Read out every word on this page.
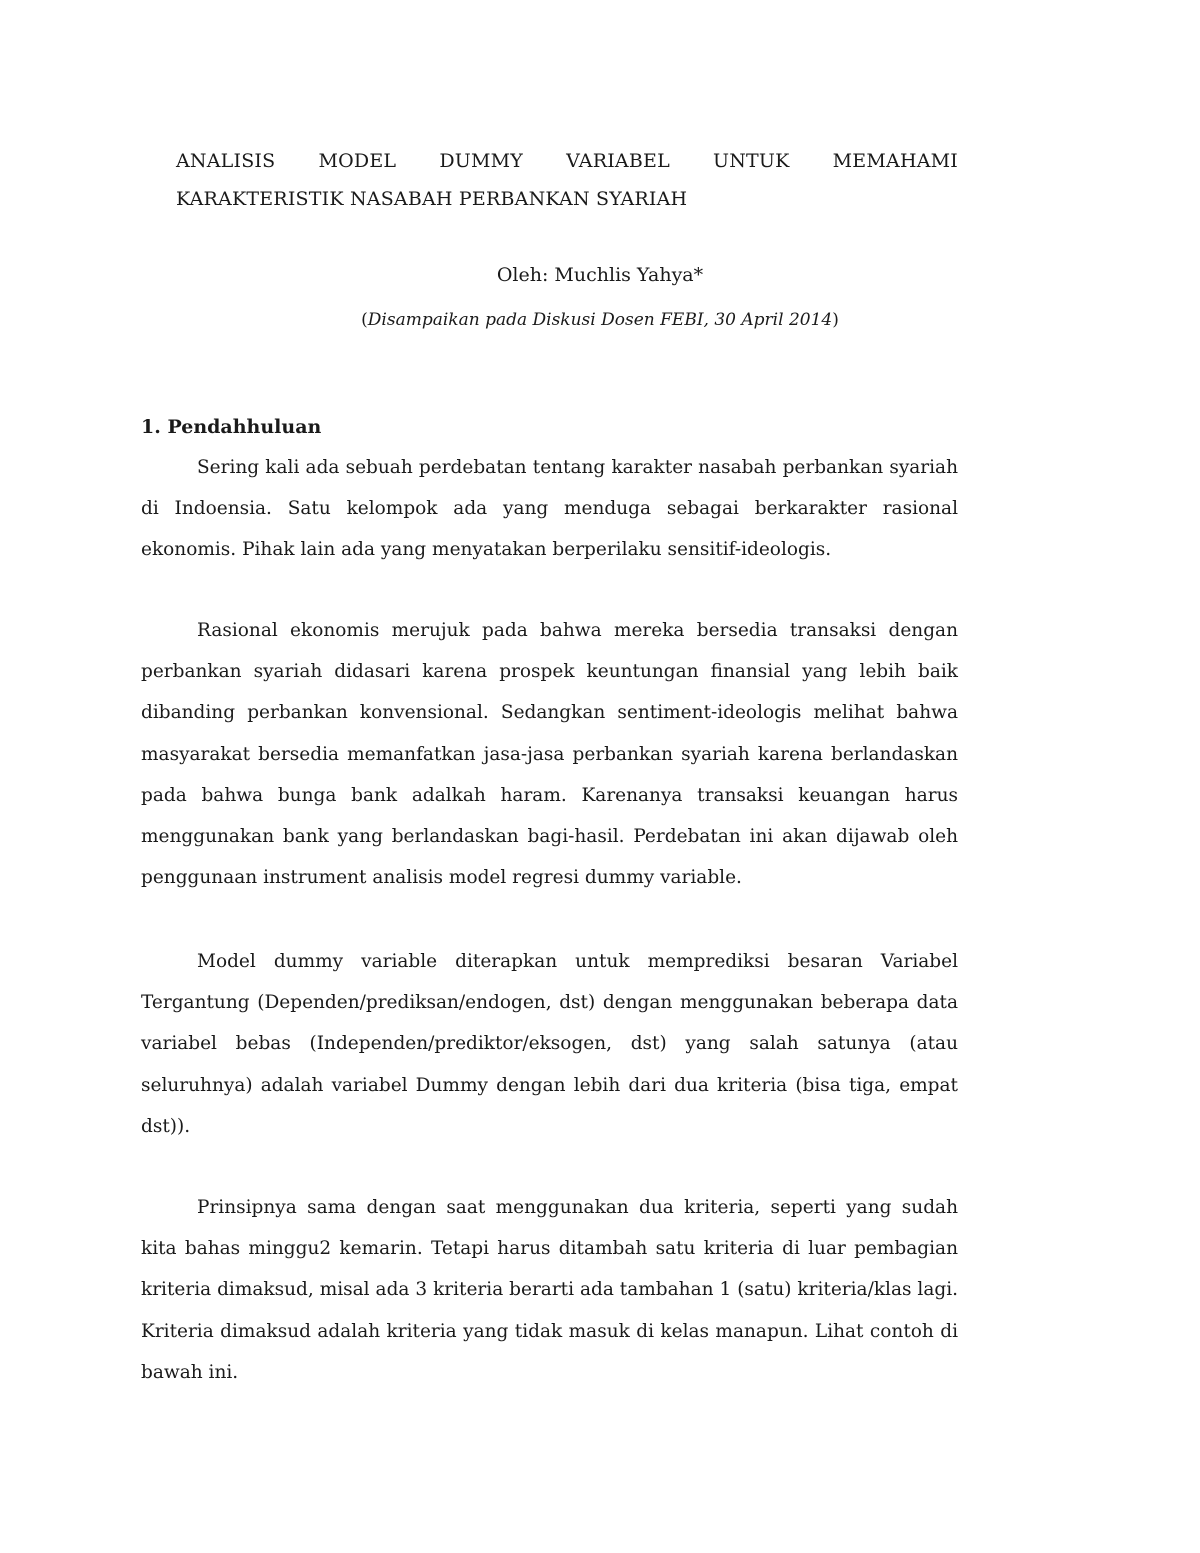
ANALISIS MODEL DUMMY VARIABEL UNTUK MEMAHAMI
KARAKTERISTIK NASABAH PERBANKAN SYARIAH

Oleh: Muchlis Yahya*

(Disampaikan pada Diskusi Dosen FEBI, 30 April 2014)

1. Pendahhuluan

Sering kali ada sebuah perdebatan tentang karakter nasabah perbankan syariah di Indoensia. Satu kelompok ada yang menduga sebagai berkarakter rasional ekonomis. Pihak lain ada yang menyatakan berperilaku sensitif-ideologis.

Rasional ekonomis merujuk pada bahwa mereka bersedia transaksi dengan perbankan syariah didasari karena prospek keuntungan finansial yang lebih baik dibanding perbankan konvensional. Sedangkan sentiment-ideologis melihat bahwa masyarakat bersedia memanfatkan jasa-jasa perbankan syariah karena berlandaskan pada bahwa bunga bank adalkah haram. Karenanya transaksi keuangan harus menggunakan bank yang berlandaskan bagi-hasil. Perdebatan ini akan dijawab oleh penggunaan instrument analisis model regresi dummy variable.

Model dummy variable diterapkan untuk memprediksi besaran Variabel Tergantung (Dependen/prediksan/endogen, dst) dengan menggunakan beberapa data variabel bebas (Independen/prediktor/eksogen, dst) yang salah satunya (atau seluruhnya) adalah variabel Dummy dengan lebih dari dua kriteria (bisa tiga, empat dst)).

Prinsipnya sama dengan saat menggunakan dua kriteria, seperti yang sudah kita bahas minggu2 kemarin. Tetapi harus ditambah satu kriteria di luar pembagian kriteria dimaksud, misal ada 3 kriteria berarti ada tambahan 1 (satu) kriteria/klas lagi. Kriteria dimaksud adalah kriteria yang tidak masuk di kelas manapun. Lihat contoh di bawah ini.
